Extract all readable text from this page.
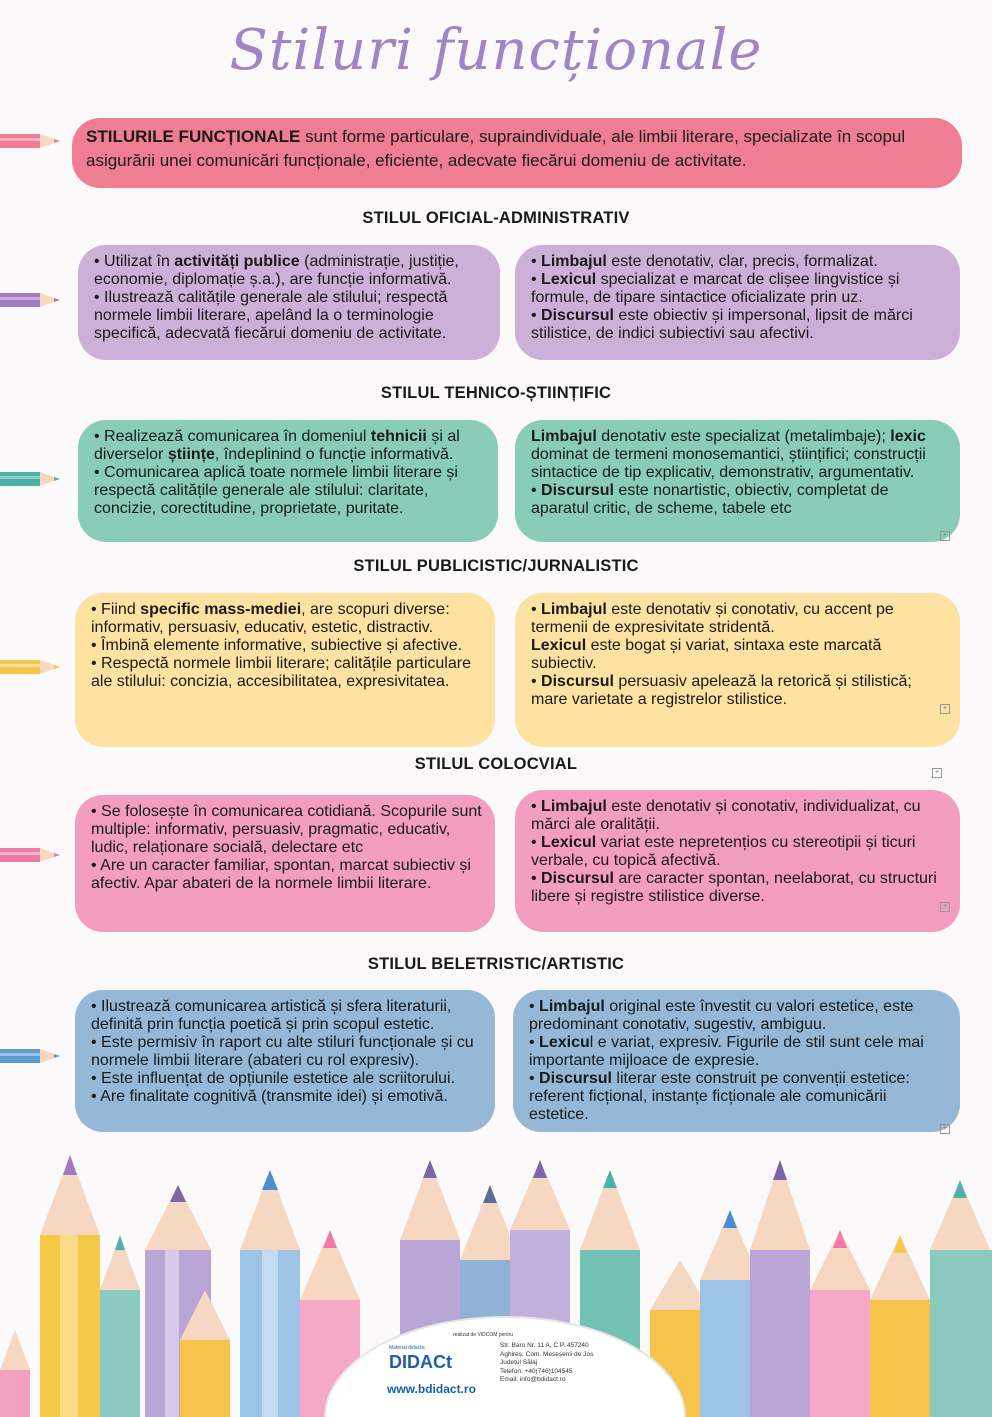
Stiluri funcționale
STILURILE FUNCȚIONALE sunt forme particulare, supraindividuale, ale limbii literare, specializate în scopul asigurării unei comunicări funcționale, eficiente, adecvate fiecărui domeniu de activitate.
STILUL OFICIAL-ADMINISTRATIV
STILUL TEHNICO-ȘTIINȚIFIC
STILUL PUBLICISTIC/JURNALISTIC
STILUL COLOCVIAL
STILUL BELETRISTIC/ARTISTIC

• Utilizat în activități publice (administrație, justiție, economie, diplomație ș.a.), are funcție informativă.

• Ilustrează calitățile generale ale stilului; respectă normele limbii literare, apelând la o terminologie specifică, adecvată fiecărui domeniu de activitate.

• Limbajul este denotativ, clar, precis, formalizat.

• Lexicul specializat e marcat de clișee lingvistice și formule, de tipare sintactice oficializate prin uz.

• Discursul este obiectiv și impersonal, lipsit de mărci stilistice, de indici subiectivi sau afectivi.

• Realizează comunicarea în domeniul tehnicii și al diverselor științe, îndeplinind o funcție informativă.

• Comunicarea aplică toate normele limbii literare și respectă calitățile generale ale stilului: claritate, concizie, corectitudine, proprietate, puritate.

Limbajul denotativ este specializat (metalimbaje); lexic dominat de termeni monosemantici, științifici; construcții sintactice de tip explicativ, demonstrativ, argumentativ.

• Discursul este nonartistic, obiectiv, completat de aparatul critic, de scheme, tabele etc

• Fiind specific mass-mediei, are scopuri diverse: informativ, persuasiv, educativ, estetic, distractiv.

• Îmbină elemente informative, subiective și afective.

• Respectă normele limbii literare; calitățile particulare ale stilului: concizia, accesibilitatea, expresivitatea.

• Limbajul este denotativ și conotativ, cu accent pe termenii de expresivitate stridentă.

Lexicul este bogat și variat, sintaxa este marcată subiectiv.

• Discursul persuasiv apelează la retorică și stilistică; mare varietate a registrelor stilistice.

• Se folosește în comunicarea cotidiană. Scopurile sunt multiple: informativ, persuasiv, pragmatic, educativ, ludic, relaționare socială, delectare etc

• Are un caracter familiar, spontan, marcat subiectiv și afectiv. Apar abateri de la normele limbii literare.

• Limbajul este denotativ și conotativ, individualizat, cu mărci ale oralității.

• Lexicul variat este nepretențios cu stereotipii și ticuri verbale, cu topică afectivă.

• Discursul are caracter spontan, neelaborat, cu structuri libere și registre stilistice diverse.

• Ilustrează comunicarea artistică și sfera literaturii, definită prin funcția poetică și prin scopul estetic.

• Este permisiv în raport cu alte stiluri funcționale și cu normele limbii literare (abateri cu rol expresiv).

• Este influențat de opțiunile estetice ale scriitorului.

• Are finalitate cognitivă (transmite idei) și emotivă.

• Limbajul original este învestit cu valori estetice, este predominant conotativ, sugestiv, ambiguu.

• Lexicul e variat, expresiv. Figurile de stil sunt cele mai importante mijloace de expresie.

• Discursul literar este construit pe convenții estetice: referent ficțional, instanțe ficționale ale comunicării estetice.

+
+
+
+
+
realizat de VIDCOM pentru
DIDACt
www.bdidact.ro
Str. Baro Nr. 11 A, C.P. 457240
Aghireș, Com. Meseșenii de Jos
Județul Sălaj
Telefon: +40(746)104545
Email: info@bdidact.ro
Material didactic
